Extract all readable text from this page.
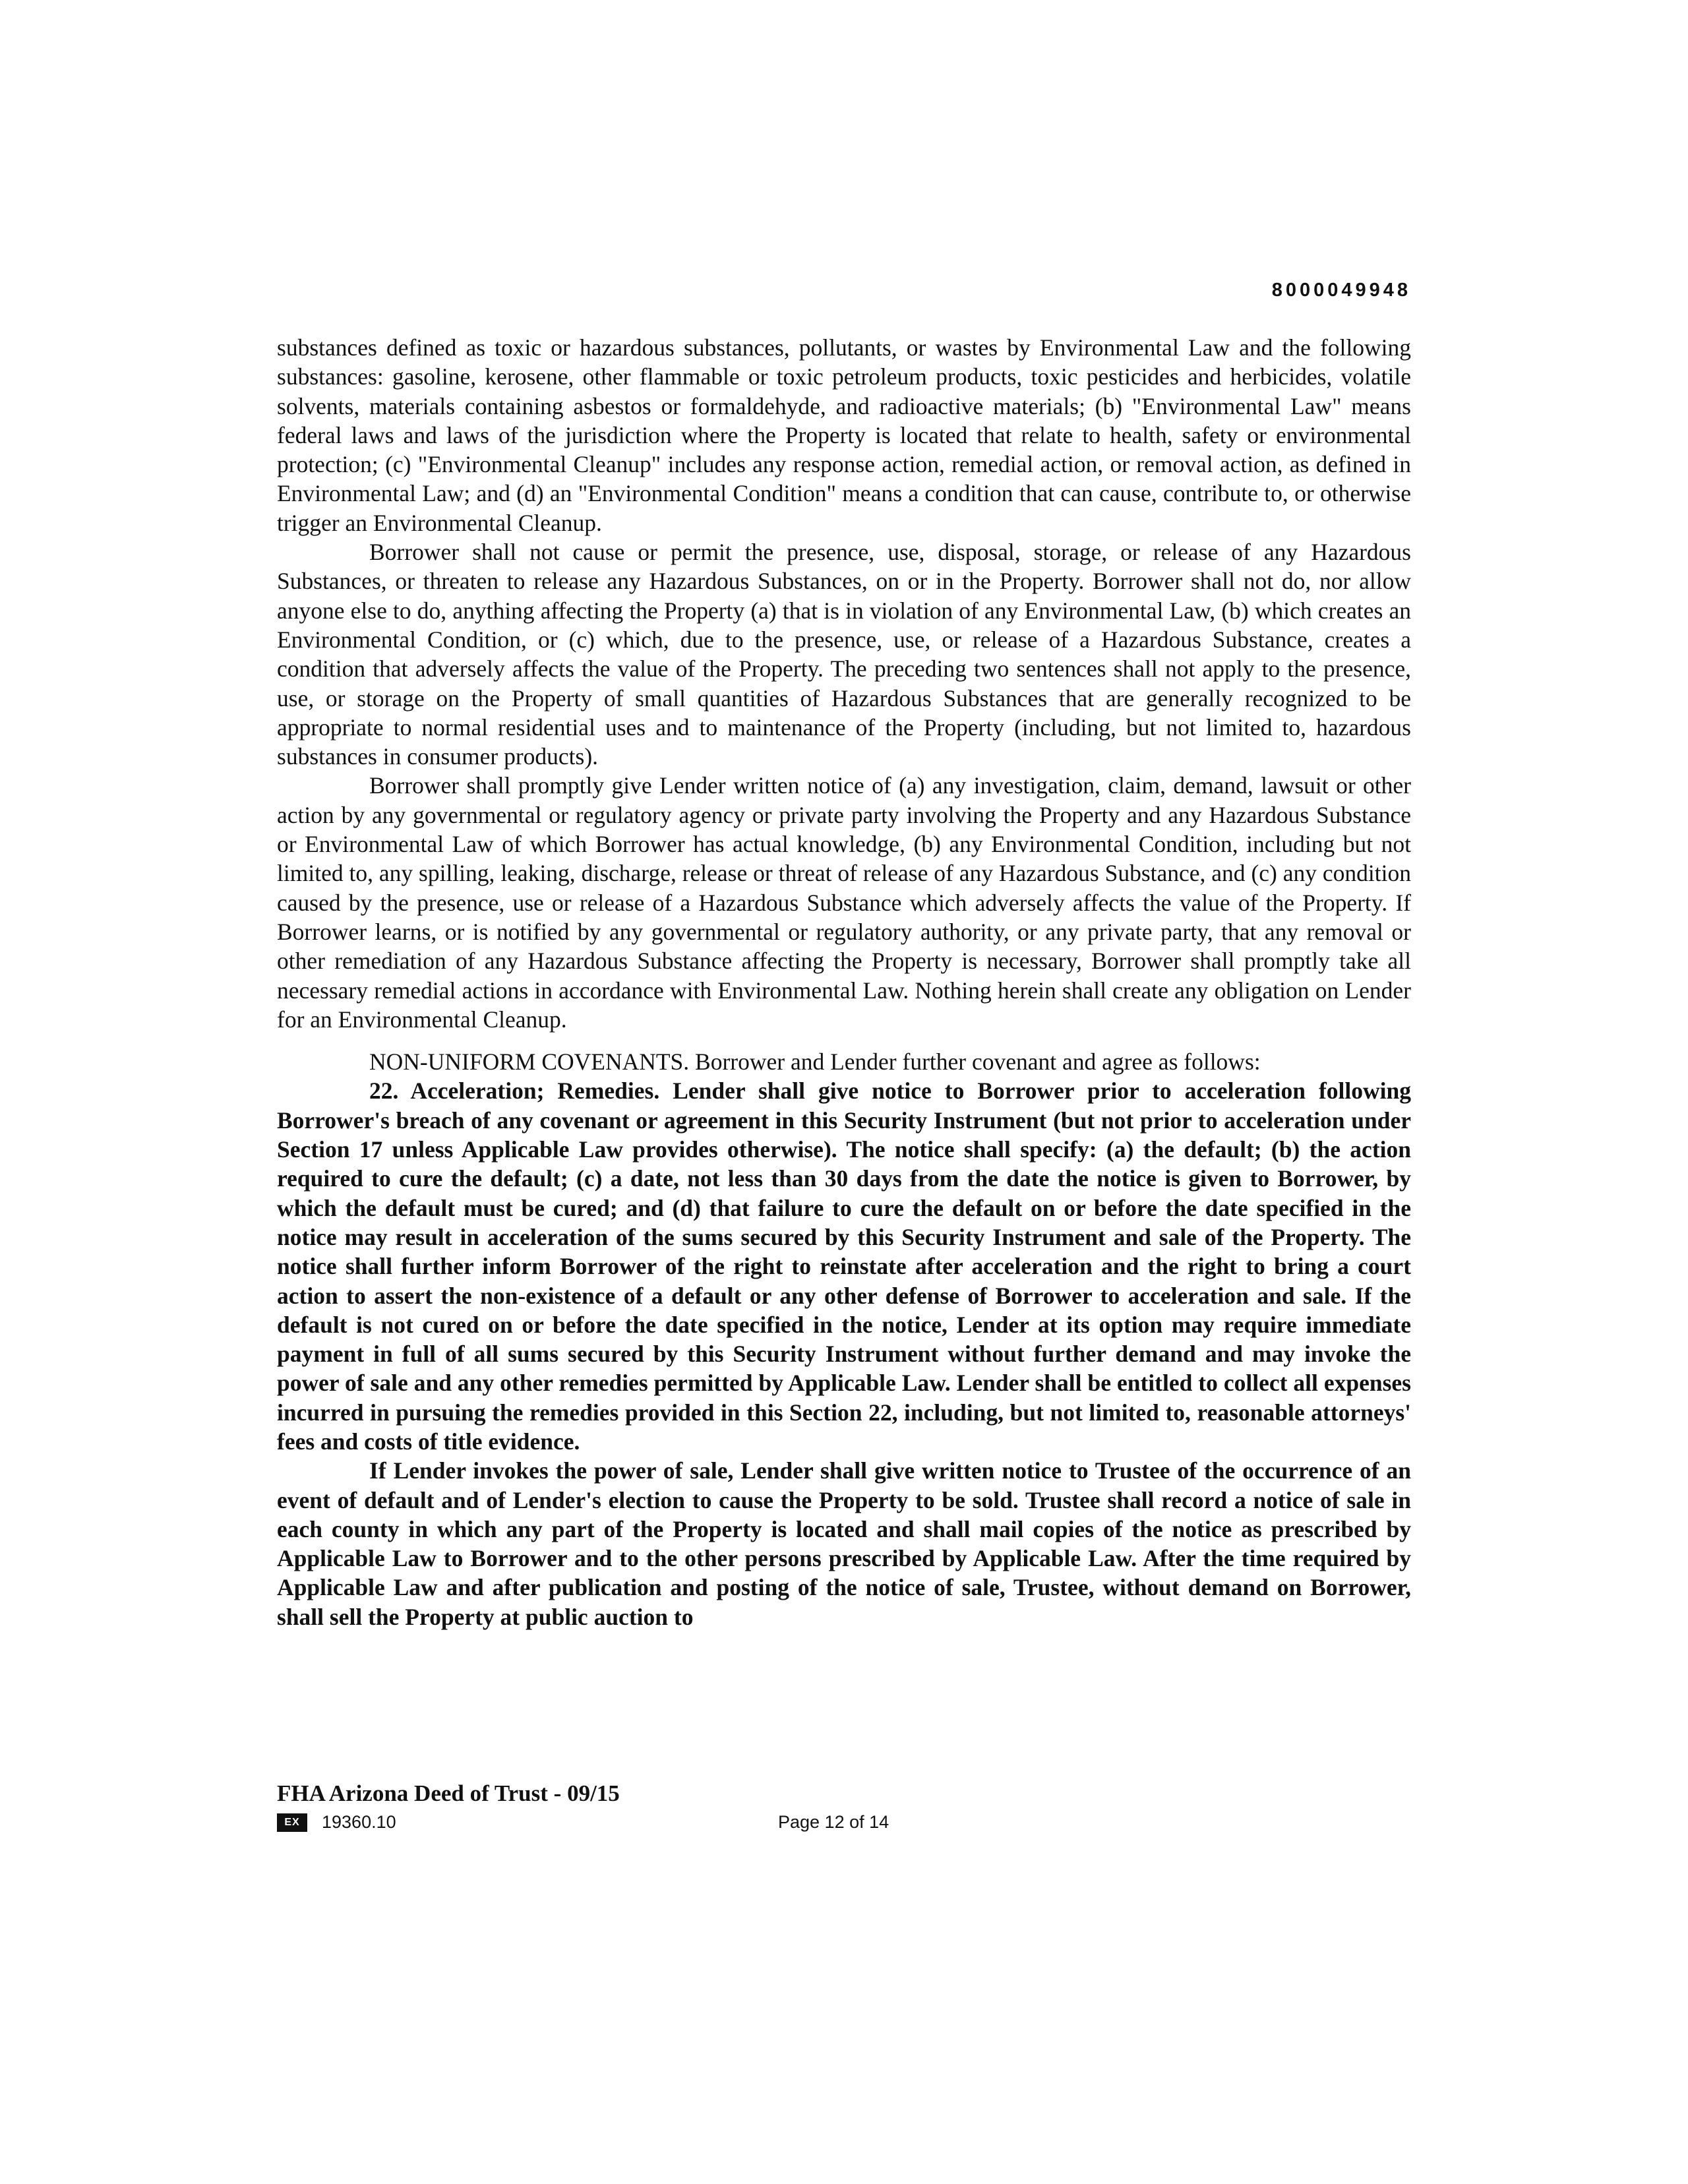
8000049948

substances defined as toxic or hazardous substances, pollutants, or wastes by Environmental Law and the following substances: gasoline, kerosene, other flammable or toxic petroleum products, toxic pesticides and herbicides, volatile solvents, materials containing asbestos or formaldehyde, and radioactive materials; (b) "Environmental Law" means federal laws and laws of the jurisdiction where the Property is located that relate to health, safety or environmental protection; (c) "Environmental Cleanup" includes any response action, remedial action, or removal action, as defined in Environmental Law; and (d) an "Environmental Condition" means a condition that can cause, contribute to, or otherwise trigger an Environmental Cleanup.

Borrower shall not cause or permit the presence, use, disposal, storage, or release of any Hazardous Substances, or threaten to release any Hazardous Substances, on or in the Property. Borrower shall not do, nor allow anyone else to do, anything affecting the Property (a) that is in violation of any Environmental Law, (b) which creates an Environmental Condition, or (c) which, due to the presence, use, or release of a Hazardous Substance, creates a condition that adversely affects the value of the Property. The preceding two sentences shall not apply to the presence, use, or storage on the Property of small quantities of Hazardous Substances that are generally recognized to be appropriate to normal residential uses and to maintenance of the Property (including, but not limited to, hazardous substances in consumer products).

Borrower shall promptly give Lender written notice of (a) any investigation, claim, demand, lawsuit or other action by any governmental or regulatory agency or private party involving the Property and any Hazardous Substance or Environmental Law of which Borrower has actual knowledge, (b) any Environmental Condition, including but not limited to, any spilling, leaking, discharge, release or threat of release of any Hazardous Substance, and (c) any condition caused by the presence, use or release of a Hazardous Substance which adversely affects the value of the Property. If Borrower learns, or is notified by any governmental or regulatory authority, or any private party, that any removal or other remediation of any Hazardous Substance affecting the Property is necessary, Borrower shall promptly take all necessary remedial actions in accordance with Environmental Law. Nothing herein shall create any obligation on Lender for an Environmental Cleanup.

NON-UNIFORM COVENANTS. Borrower and Lender further covenant and agree as follows:

22. Acceleration; Remedies. Lender shall give notice to Borrower prior to acceleration following Borrower's breach of any covenant or agreement in this Security Instrument (but not prior to acceleration under Section 17 unless Applicable Law provides otherwise). The notice shall specify: (a) the default; (b) the action required to cure the default; (c) a date, not less than 30 days from the date the notice is given to Borrower, by which the default must be cured; and (d) that failure to cure the default on or before the date specified in the notice may result in acceleration of the sums secured by this Security Instrument and sale of the Property. The notice shall further inform Borrower of the right to reinstate after acceleration and the right to bring a court action to assert the non-existence of a default or any other defense of Borrower to acceleration and sale. If the default is not cured on or before the date specified in the notice, Lender at its option may require immediate payment in full of all sums secured by this Security Instrument without further demand and may invoke the power of sale and any other remedies permitted by Applicable Law. Lender shall be entitled to collect all expenses incurred in pursuing the remedies provided in this Section 22, including, but not limited to, reasonable attorneys' fees and costs of title evidence.

If Lender invokes the power of sale, Lender shall give written notice to Trustee of the occurrence of an event of default and of Lender's election to cause the Property to be sold. Trustee shall record a notice of sale in each county in which any part of the Property is located and shall mail copies of the notice as prescribed by Applicable Law to Borrower and to the other persons prescribed by Applicable Law. After the time required by Applicable Law and after publication and posting of the notice of sale, Trustee, without demand on Borrower, shall sell the Property at public auction to

FHA Arizona Deed of Trust - 09/15
EX	19360.10	Page 12 of 14
